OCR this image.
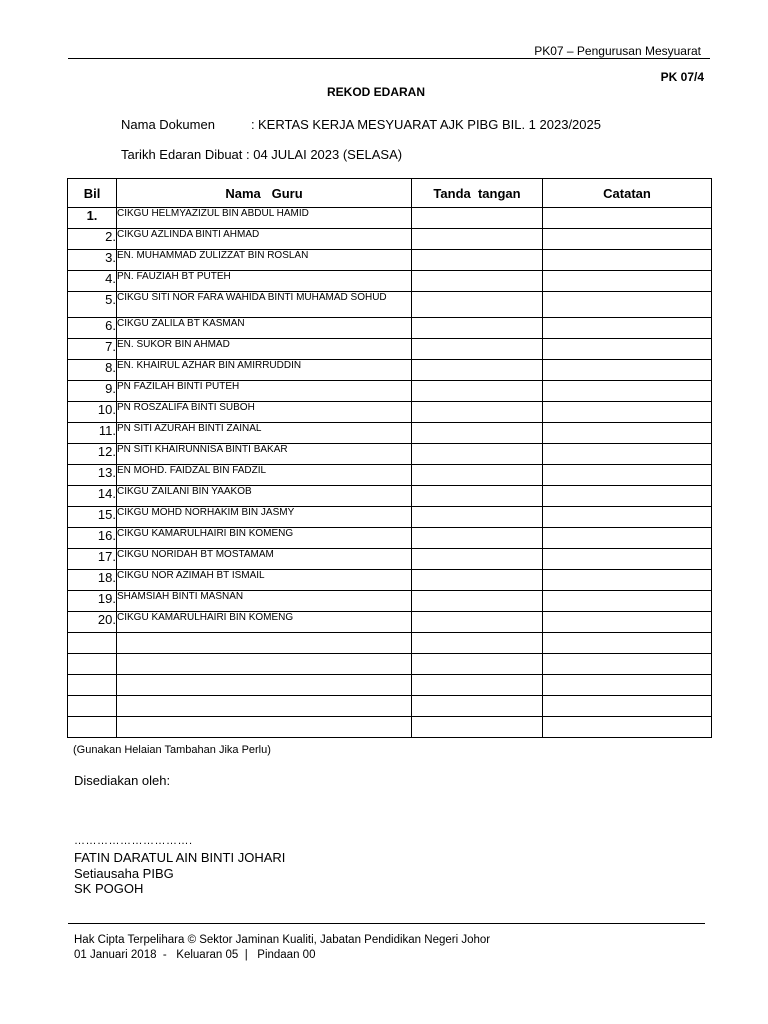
PK07 – Pengurusan Mesyuarat
PK 07/4
REKOD EDARAN
Nama Dokumen          : KERTAS KERJA MESYUARAT AJK PIBG BIL. 1 2023/2025
Tarikh Edaran Dibuat : 04 JULAI 2023 (SELASA)
Bil	Nama   Guru	Tanda  tangan	Catatan
1.	CIKGU HELMYAZIZUL BIN ABDUL HAMID		
2.	CIKGU AZLINDA BINTI AHMAD		
3.	EN. MUHAMMAD ZULIZZAT BIN ROSLAN		
4.	PN. FAUZIAH BT PUTEH		
5.	CIKGU SITI NOR FARA WAHIDA BINTI MUHAMAD SOHUD		
6.	CIKGU ZALILA BT KASMAN		
7.	EN. SUKOR BIN AHMAD		
8.	EN. KHAIRUL AZHAR BIN AMIRRUDDIN		
9.	PN FAZILAH BINTI PUTEH		
10.	PN ROSZALIFA BINTI SUBOH		
11.	PN SITI AZURAH BINTI ZAINAL		
12.	PN SITI KHAIRUNNISA BINTI BAKAR		
13.	EN MOHD. FAIDZAL BIN FADZIL		
14.	CIKGU ZAILANI BIN YAAKOB		
15.	CIKGU MOHD NORHAKIM BIN JASMY		
16.	CIKGU KAMARULHAIRI BIN KOMENG		
17.	CIKGU NORIDAH BT MOSTAMAM		
18.	CIKGU NOR AZIMAH BT ISMAIL		
19.	SHAMSIAH BINTI MASNAN		
20.	CIKGU KAMARULHAIRI BIN KOMENG		

(Gunakan Helaian Tambahan Jika Perlu)
Disediakan oleh:
………………………….
FATIN DARATUL AIN BINTI JOHARI
Setiausaha PIBG
SK POGOH
Hak Cipta Terpelihara © Sektor Jaminan Kualiti, Jabatan Pendidikan Negeri Johor
01 Januari 2018  -   Keluaran 05  |   Pindaan 00
